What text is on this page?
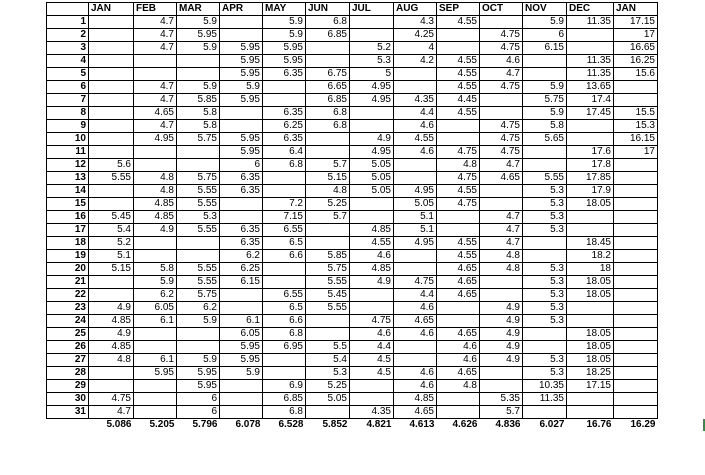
	JAN	FEB	MAR	APR	MAY	JUN	JUL	AUG	SEP	OCT	NOV	DEC	JAN
1		4.7	5.9		5.9	6.8		4.3	4.55		5.9	11.35	17.15
2		4.7	5.95		5.9	6.85		4.25		4.75	6		17
3		4.7	5.9	5.95	5.95		5.2	4		4.75	6.15		16.65
4				5.95	5.95		5.3	4.2	4.55	4.6		11.35	16.25
5				5.95	6.35	6.75	5		4.55	4.7		11.35	15.6
6		4.7	5.9	5.9		6.65	4.95		4.55	4.75	5.9	13.65	
7		4.7	5.85	5.95		6.85	4.95	4.35	4.45		5.75	17.4	
8		4.65	5.8		6.35	6.8		4.4	4.55		5.9	17.45	15.5
9		4.7	5.8		6.25	6.8		4.6		4.75	5.8		15.3
10		4.95	5.75	5.95	6.35		4.9	4.55		4.75	5.65		16.15
11				5.95	6.4		4.95	4.6	4.75	4.75		17.6	17
12	5.6			6	6.8	5.7	5.05		4.8	4.7		17.8	
13	5.55	4.8	5.75	6.35		5.15	5.05		4.75	4.65	5.55	17.85	
14		4.8	5.55	6.35		4.8	5.05	4.95	4.55		5.3	17.9	
15		4.85	5.55		7.2	5.25		5.05	4.75		5.3	18.05	
16	5.45	4.85	5.3		7.15	5.7		5.1		4.7	5.3		
17	5.4	4.9	5.55	6.35	6.55		4.85	5.1		4.7	5.3		
18	5.2			6.35	6.5		4.55	4.95	4.55	4.7		18.45	
19	5.1			6.2	6.6	5.85	4.6		4.55	4.8		18.2	
20	5.15	5.8	5.55	6.25		5.75	4.85		4.65	4.8	5.3	18	
21		5.9	5.55	6.15		5.55	4.9	4.75	4.65		5.3	18.05	
22		6.2	5.75		6.55	5.45		4.4	4.65		5.3	18.05	
23	4.9	6.05	6.2		6.5	5.55		4.6		4.9	5.3		
24	4.85	6.1	5.9	6.1	6.6		4.75	4.65		4.9	5.3		
25	4.9			6.05	6.8		4.6	4.6	4.65	4.9		18.05	
26	4.85			5.95	6.95	5.5	4.4		4.6	4.9		18.05	
27	4.8	6.1	5.9	5.95		5.4	4.5		4.6	4.9	5.3	18.05	
28		5.95	5.95	5.9		5.3	4.5	4.6	4.65		5.3	18.25	
29			5.95		6.9	5.25		4.6	4.8		10.35	17.15	
30	4.75		6		6.85	5.05		4.85		5.35	11.35		
31	4.7		6		6.8		4.35	4.65		5.7			
	5.086	5.205	5.796	6.078	6.528	5.852	4.821	4.613	4.626	4.836	6.027	16.76	16.29
